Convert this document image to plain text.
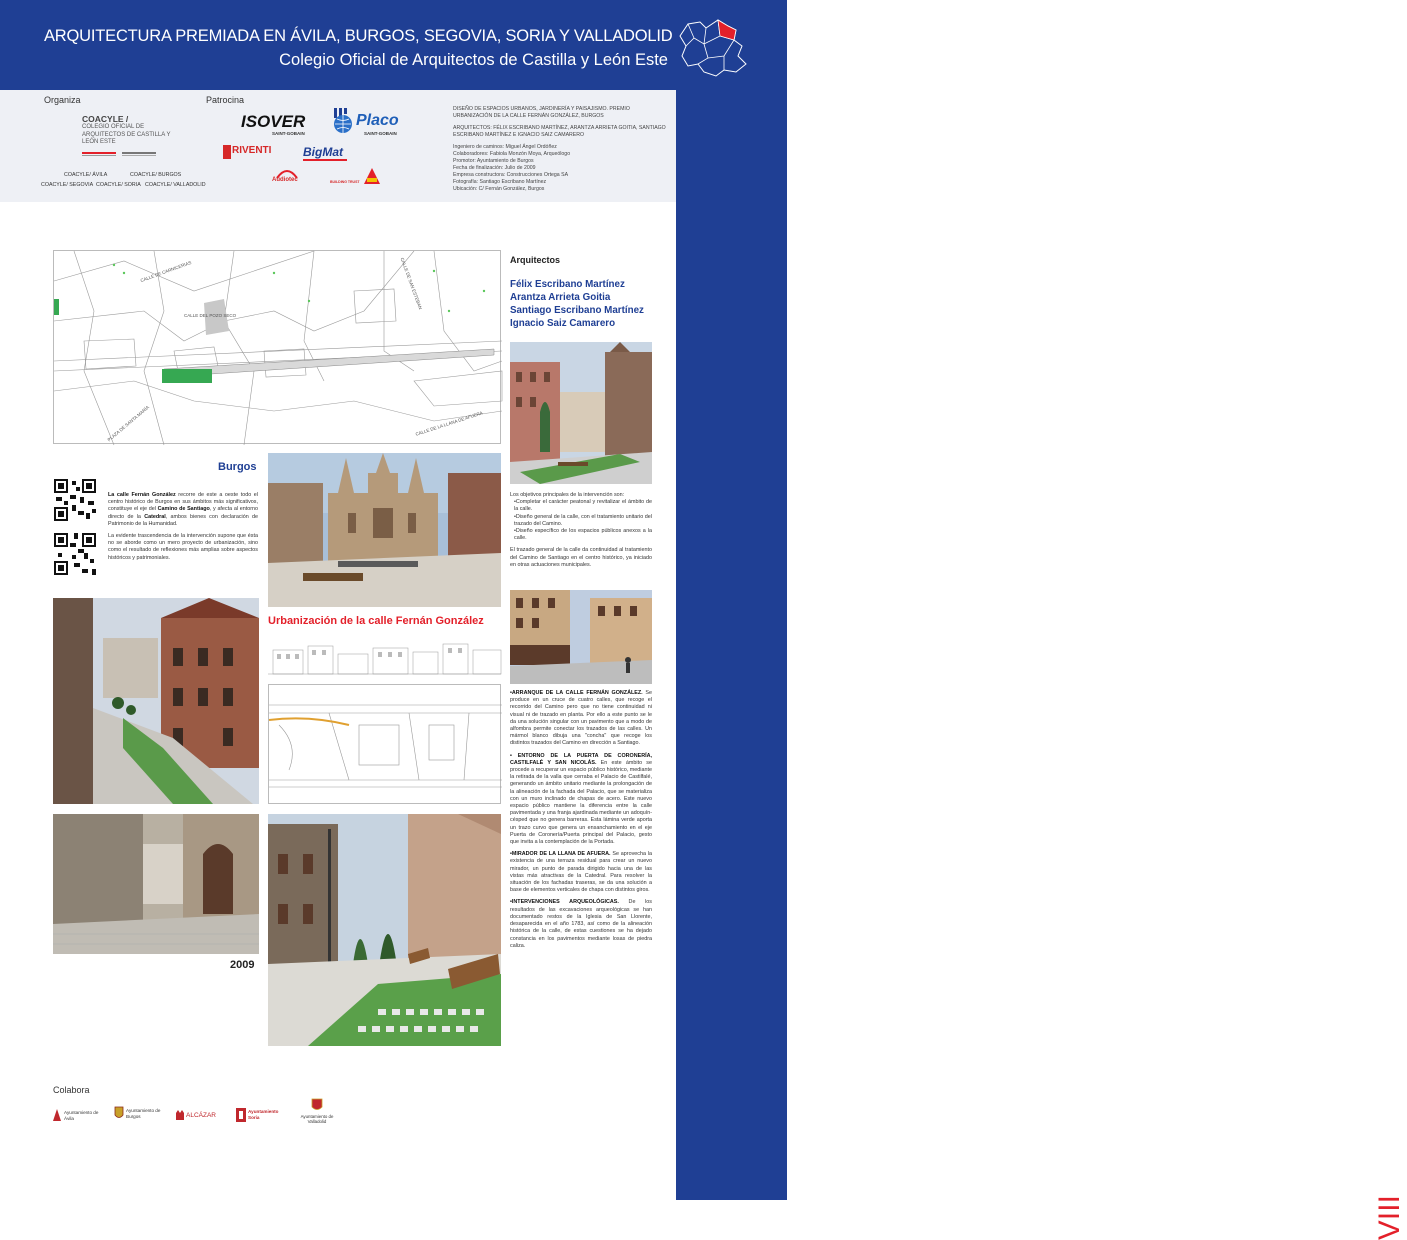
ARQUITECTURA PREMIADA EN ÁVILA, BURGOS, SEGOVIA, SORIA Y VALLADOLID
Colegio Oficial de Arquitectos de Castilla y León Este
Organiza	Patrocina
COACYLE /
COLEGIO OFICIAL DE ARQUITECTOS DE CASTILLA Y LEÓN ESTE
COACYLE/ ÁVILA	COACYLE/ BURGOS
COACYLE/ SEGOVIA COACYLE/ SORIA COACYLE/ VALLADOLID
ISOVER
SAINT-GOBAIN
Placo
SAINT-GOBAIN
RIVENTI	BigMat
Audiotec	BUILDING TRUST

DISEÑO DE ESPACIOS URBANOS, JARDINERÍA Y PAISAJISMO. PREMIO URBANIZACIÓN DE LA CALLE FERNÁN GONZÁLEZ, BURGOS

ARQUITECTOS: FÉLIX ESCRIBANO MARTÍNEZ, ARANTZA ARRIETA GOITIA, SANTIAGO ESCRIBANO MARTÍNEZ E IGNACIO SAIZ CAMARERO

Ingeniero de caminos: Miguel Ángel Ordóñez
Colaboradores: Fabiola Monzón Moya, Arqueólogo
Promotor: Ayuntamiento de Burgos
Fecha de finalización: Julio de 2009
Empresa constructora: Construcciones Ortega SA
Fotografía: Santiago Escribano Martínez
Ubicación: C/ Fernán González, Burgos
VIII PREMIO DE ARQUITECTURA Y URBANISMO DE CASTILLA Y LEÓN
CALLE DE CARNICERIAS
CALLE DEL POZO SECO
CALLE DE SAN ESTEBAN
CALLE DE LA LLANA DE AFUERA
PLAZA DE SANTA MARÍA
Arquitectos
Félix Escribano Martínez
Arantza Arrieta Goitia
Santiago Escribano Martínez
Ignacio Saiz Camarero
Los objetivos principales de la intervención son:
•Completar el carácter peatonal y revitalizar el ámbito de la calle.
•Diseño general de la calle, con el tratamiento unitario del trazado del Camino.
•Diseño específico de los espacios públicos anexos a la calle.
El trazado general de la calle da continuidad al tratamiento del Camino de Santiago en el centro histórico, ya iniciado en otras actuaciones municipales.

•ARRANQUE DE LA CALLE FERNÁN GONZÁLEZ. Se produce en un cruce de cuatro calles, que recoge el recorrido del Camino pero que no tiene continuidad ni visual ni de trazado en planta. Por ello a este punto se le da una solución singular con un pavimento que a modo de alfombra permite conectar los trazados de las calles. Un mármol blanco dibuja una "concha" que recoge los distintos trazados del Camino en dirección a Santiago.

• ENTORNO DE LA PUERTA DE CORONERÍA, CASTILFALÉ Y SAN NICOLÁS. En este ámbito se procede a recuperar un espacio público histórico, mediante la retirada de la valla que cerraba el Palacio de Castilfalé, generando un ámbito unitario mediante la prolongación de la alineación de la fachada del Palacio, que se materializa con un muro inclinado de chapas de acero. Este nuevo espacio público mantiene la diferencia entre la calle pavimentada y una franja ajardinada mediante un adoquín-césped que no genera barreras. Esta lámina verde aporta un trazo curvo que genera un ensanchamiento en el eje Puerta de Coronería/Puerta principal del Palacio, gesto que invita a la contemplación de la Portada.

•MIRADOR DE LA LLANA DE AFUERA. Se aprovecha la existencia de una terraza residual para crear un nuevo mirador, un punto de parada dirigido hacia una de las vistas más atractivas de la Catedral. Para resolver la situación de los fachadas traseras, se da una solución a base de elementos verticales de chapa con distintos giros.

•INTERVENCIONES ARQUEOLÓGICAS. De los resultados de las excavaciones arqueológicas se han documentado restos de la Iglesia de San Llorente, desaparecida en el año 1783, así como de la alineación histórica de la calle, de estas cuestiones se ha dejado constancia en los pavimentos mediante losas de piedra caliza.

Burgos

La calle Fernán González recorre de este a oeste todo el centro histórico de Burgos en sus ámbitos más significativos, constituye el eje del Camino de Santiago, y afecta al entorno directo de la Catedral, ambos bienes con declaración de Patrimonio de la Humanidad.

La evidente trascendencia de la intervención supone que ésta no se aborde como un mero proyecto de urbanización, sino como el resultado de reflexiones más amplias sobre aspectos históricos y patrimoniales.

Urbanización de la calle Fernán González
2009
Colabora
Ayuntamiento de Ávila
Ayuntamiento de Burgos	ALCÁZAR
Ayuntamiento Soria	Ayuntamiento de Valladolid
